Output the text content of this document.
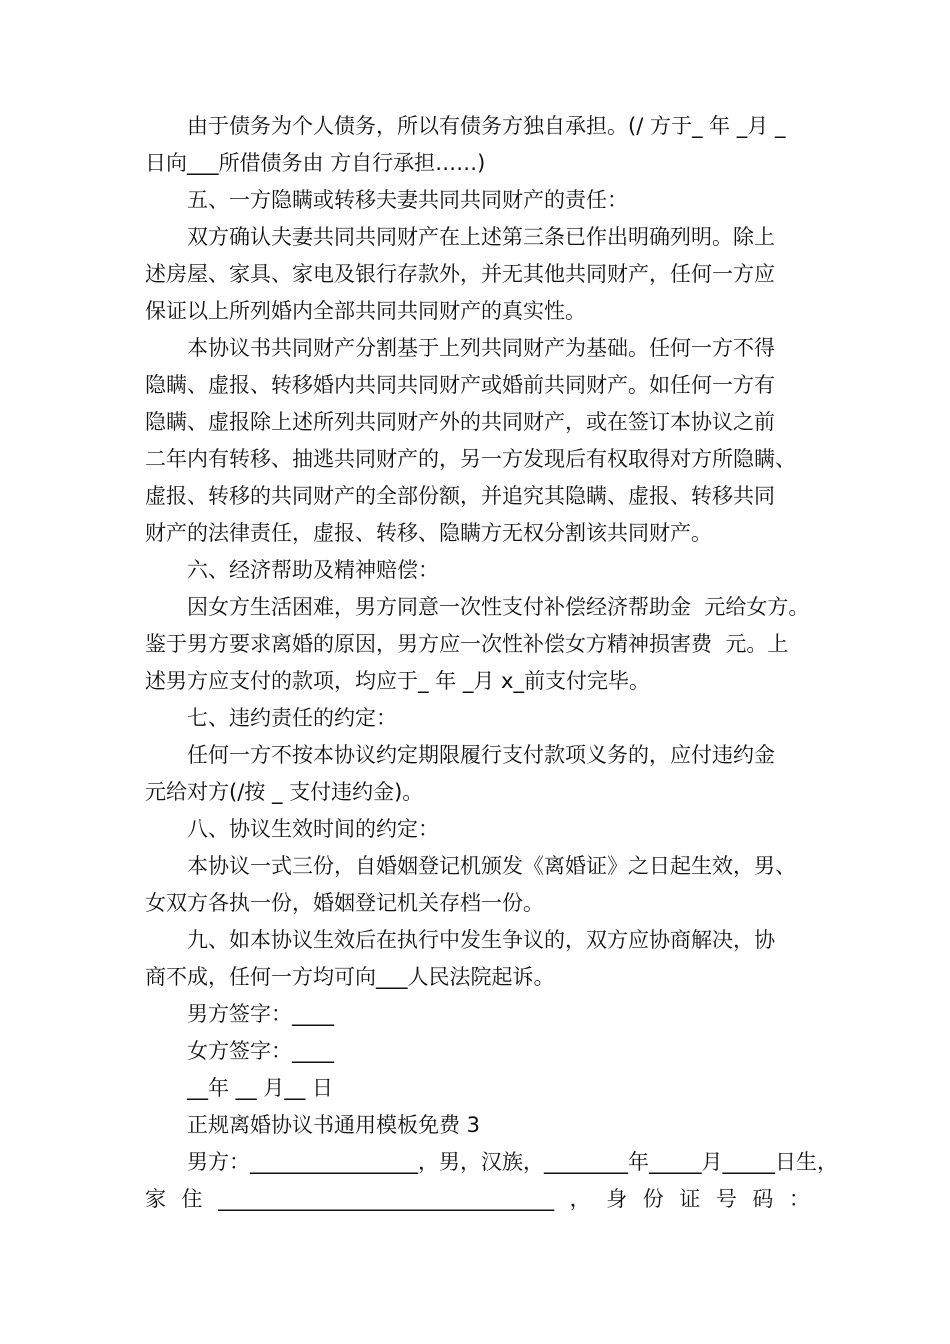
由于债务为个人债务，所以有债务方独自承担。(/ 方于_ 年 _月 _
日向___所借债务由 方自行承担……)
五、一方隐瞒或转移夫妻共同共同财产的责任：
双方确认夫妻共同共同财产在上述第三条已作出明确列明。除上
述房屋、家具、家电及银行存款外，并无其他共同财产，任何一方应
保证以上所列婚内全部共同共同财产的真实性。
本协议书共同财产分割基于上列共同财产为基础。任何一方不得
隐瞒、虚报、转移婚内共同共同财产或婚前共同财产。如任何一方有
隐瞒、虚报除上述所列共同财产外的共同财产，或在签订本协议之前
二年内有转移、抽逃共同财产的，另一方发现后有权取得对方所隐瞒、
虚报、转移的共同财产的全部份额，并追究其隐瞒、虚报、转移共同
财产的法律责任，虚报、转移、隐瞒方无权分割该共同财产。
六、经济帮助及精神赔偿：
因女方生活困难，男方同意一次性支付补偿经济帮助金  元给女方。
鉴于男方要求离婚的原因，男方应一次性补偿女方精神损害费  元。上
述男方应支付的款项，均应于_ 年 _月 x_前支付完毕。
七、违约责任的约定：
任何一方不按本协议约定期限履行支付款项义务的，应付违约金
元给对方(/按 _ 支付违约金)。
八、协议生效时间的约定：
本协议一式三份，自婚姻登记机颁发《离婚证》之日起生效，男、
女双方各执一份，婚姻登记机关存档一份。
九、如本协议生效后在执行中发生争议的，双方应协商解决，协
商不成，任何一方均可向___人民法院起诉。
男方签字：____
女方签字：____
__年 __ 月__ 日
正规离婚协议书通用模板免费 3
男方：________________，男，汉族，________年_____月_____日生，
家 住 ________________________________ ， 身 份 证 号 码 ：
